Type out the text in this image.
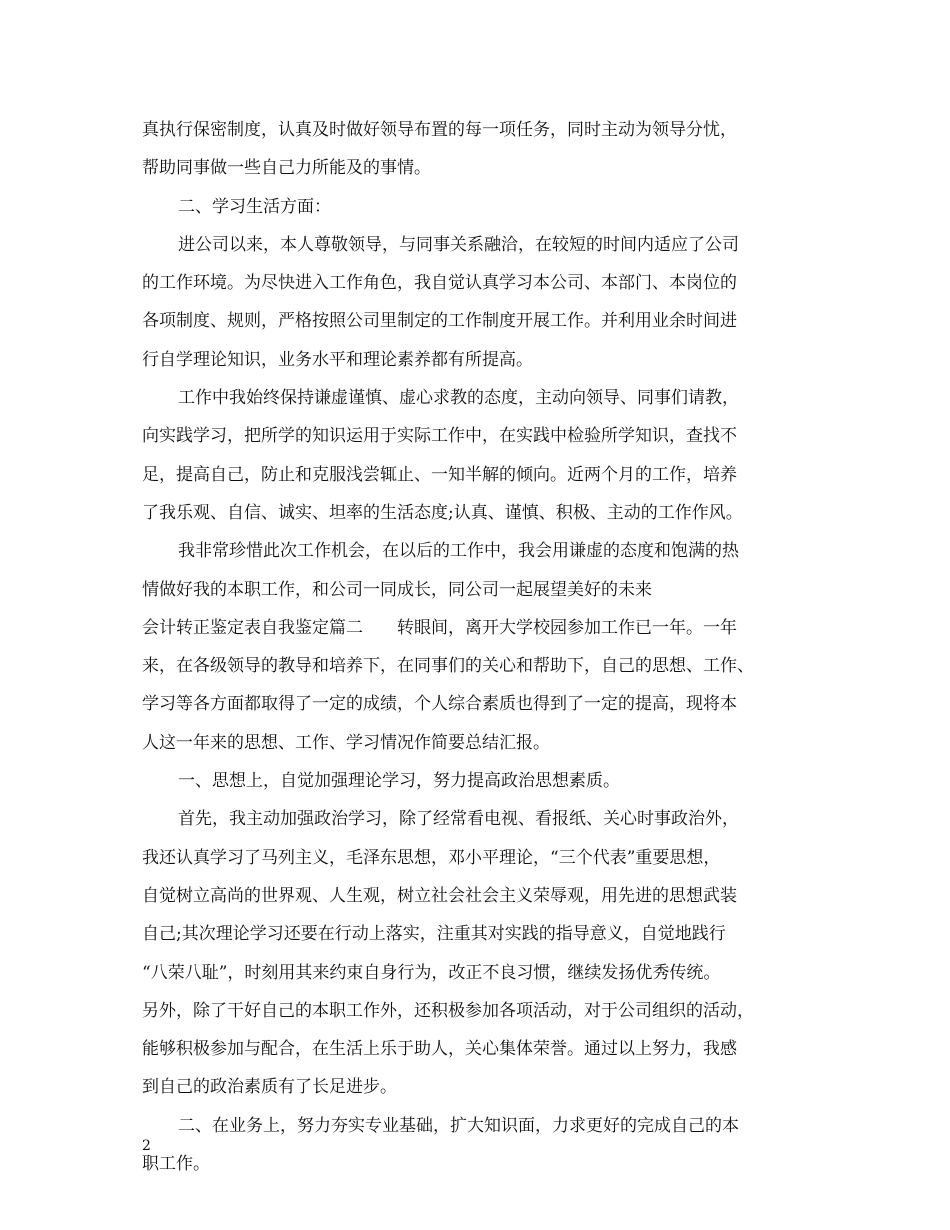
真执行保密制度，认真及时做好领导布置的每一项任务，同时主动为领导分忧，
帮助同事做一些自己力所能及的事情。
二、学习生活方面：
进公司以来，本人尊敬领导，与同事关系融洽，在较短的时间内适应了公司
的工作环境。为尽快进入工作角色，我自觉认真学习本公司、本部门、本岗位的
各项制度、规则，严格按照公司里制定的工作制度开展工作。并利用业余时间进
行自学理论知识，业务水平和理论素养都有所提高。
工作中我始终保持谦虚谨慎、虚心求教的态度，主动向领导、同事们请教，
向实践学习，把所学的知识运用于实际工作中，在实践中检验所学知识，查找不
足，提高自己，防止和克服浅尝辄止、一知半解的倾向。近两个月的工作，培养
了我乐观、自信、诚实、坦率的生活态度;认真、谨慎、积极、主动的工作作风。
我非常珍惜此次工作机会，在以后的工作中，我会用谦虚的态度和饱满的热
情做好我的本职工作，和公司一同成长，同公司一起展望美好的未来
会计转正鉴定表自我鉴定篇二　　转眼间，离开大学校园参加工作已一年。一年
来，在各级领导的教导和培养下，在同事们的关心和帮助下，自己的思想、工作、
学习等各方面都取得了一定的成绩，个人综合素质也得到了一定的提高，现将本
人这一年来的思想、工作、学习情况作简要总结汇报。
一、思想上，自觉加强理论学习，努力提高政治思想素质。
首先，我主动加强政治学习，除了经常看电视、看报纸、关心时事政治外，
我还认真学习了马列主义，毛泽东思想，邓小平理论，“三个代表”重要思想，
自觉树立高尚的世界观、人生观，树立社会社会主义荣辱观，用先进的思想武装
自己;其次理论学习还要在行动上落实，注重其对实践的指导意义，自觉地践行
“八荣八耻”，时刻用其来约束自身行为，改正不良习惯，继续发扬优秀传统。
另外，除了干好自己的本职工作外，还积极参加各项活动，对于公司组织的活动，
能够积极参加与配合，在生活上乐于助人，关心集体荣誉。通过以上努力，我感
到自己的政治素质有了长足进步。
二、在业务上，努力夯实专业基础，扩大知识面，力求更好的完成自己的本
职工作。
2
